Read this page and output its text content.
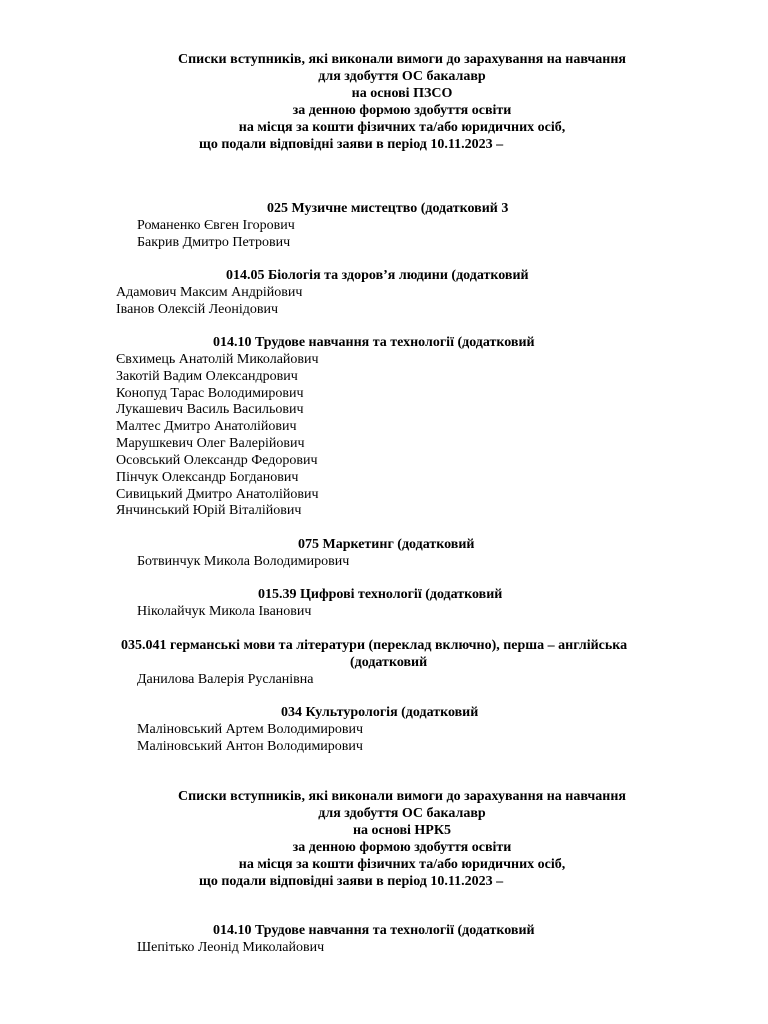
Списки вступників, які виконали вимоги до зарахування на навчання
для здобуття ОС бакалавр
на основі ПЗСО
за денною формою здобуття освіти
на місця за кошти фізичних та/або юридичних осіб,
що подали відповідні заяви в період 10.11.2023 –
025 Музичне мистецтво (додатковий 3
Романенко Євген Ігорович
Бакрив Дмитро Петрович
014.05 Біологія та здоров’я людини (додатковий
Адамович Максим Андрійович
Іванов Олексій Леонідович
014.10 Трудове навчання та технології (додатковий
Євхимець Анатолій Миколайович
Закотій Вадим Олександрович
Конопуд Тарас Володимирович
Лукашевич Василь Васильович
Малтес Дмитро Анатолійович
Марушкевич Олег Валерійович
Осовський Олександр Федорович
Пінчук Олександр Богданович
Сивицький Дмитро Анатолійович
Янчинський Юрій Віталійович
075 Маркетинг (додатковий
Ботвинчук Микола Володимирович
015.39 Цифрові технології (додатковий
Ніколайчук Микола Іванович
035.041 германські мови та літератури (переклад включно), перша – англійська
(додатковий
Данилова Валерія Русланівна
034 Культурологія (додатковий
Маліновський Артем Володимирович
Маліновський Антон Володимирович
Списки вступників, які виконали вимоги до зарахування на навчання
для здобуття ОС бакалавр
на основі НРК5
за денною формою здобуття освіти
на місця за кошти фізичних та/або юридичних осіб,
що подали відповідні заяви в період 10.11.2023 –
014.10 Трудове навчання та технології (додатковий
Шепітько Леонід Миколайович
